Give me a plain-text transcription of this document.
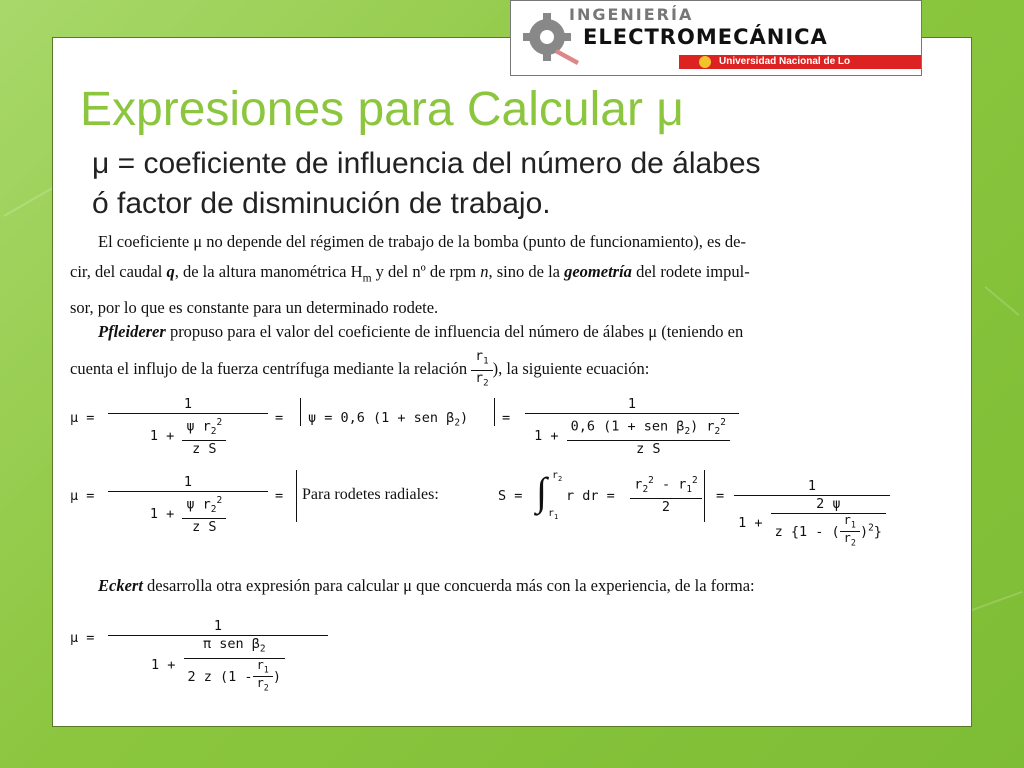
INGENIERÍA
ELECTROMECÁNICA
Universidad Nacional de Lo
Expresiones para Calcular μ
μ = coeficiente de influencia del número de álabes
ó factor de disminución de trabajo.
El coeficiente μ no depende del régimen de trabajo de la bomba (punto de funcionamiento), es de-
cir, del caudal q, de la altura manométrica $H_m$ y del nº de rpm n, sino de la geometría del rodete impul-
sor, por lo que es constante para un determinado rodete.
Pfleiderer propuso para el valor del coeficiente de influencia del número de álabes μ (teniendo en
cuenta el influjo de la fuerza centrífuga mediante la relación $\frac{r_1}{r_2}$ ), la siguiente ecuación:
$\mu = \frac{1}{1 + \frac{\psi r_2^2}{\text{z S}}} = \psi = 0,6$ (1 + sen $\beta_2$)	=
1
$1 + \frac{0,6 (1 + sen \beta_2) r_2^2}{\text{z S}}$
$\mu = \frac{1}{1 + \frac{\psi r_2^2}{\text{z S}}}$ = Para rodetes radiales:	S = ∫ $r_2$
$r_1$
r dr = $\frac{r_2^2 - r_1^2}{2} = \frac{1}{1 + \frac{2 \psi}{z \{1 - ( \frac{r_1}{r_2} )^2\}}}$
Eckert desarrolla otra expresión para calcular μ que concuerda más con la experiencia, de la forma:
μ =
1
$1 + \frac{\pi sen \beta_2}{2 z (1 - \frac{r_1}{r_2} )}$
